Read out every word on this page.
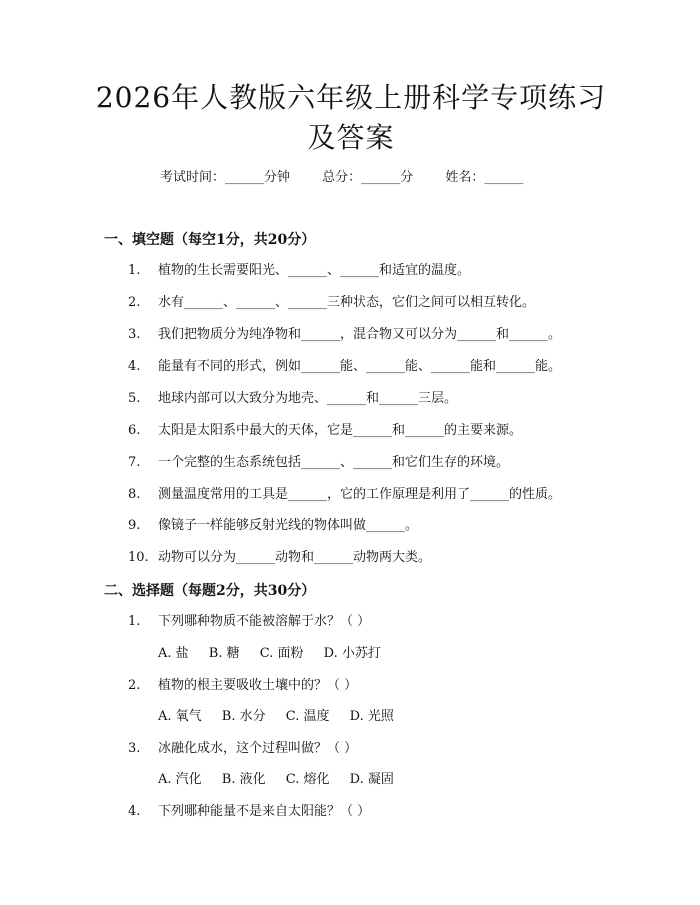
2026年人教版六年级上册科学专项练习及答案
考试时间：______分钟 总分：______分 姓名：______
一、填空题（每空1分，共20分）
1. 植物的生长需要阳光、______、______和适宜的温度。
2. 水有______、______、______三种状态，它们之间可以相互转化。
3. 我们把物质分为纯净物和______，混合物又可以分为______和______。
4. 能量有不同的形式，例如______能、______能、______能和______能。
5. 地球内部可以大致分为地壳、______和______三层。
6. 太阳是太阳系中最大的天体，它是______和______的主要来源。
7. 一个完整的生态系统包括______、______和它们生存的环境。
8. 测量温度常用的工具是______，它的工作原理是利用了______的性质。
9. 像镜子一样能够反射光线的物体叫做______。
10. 动物可以分为______动物和______动物两大类。
二、选择题（每题2分，共30分）
1. 下列哪种物质不能被溶解于水？（ ）
A. 盐 B. 糖 C. 面粉 D. 小苏打
2. 植物的根主要吸收土壤中的？（ ）
A. 氧气 B. 水分 C. 温度 D. 光照
3. 冰融化成水，这个过程叫做？（ ）
A. 汽化 B. 液化 C. 熔化 D. 凝固
4. 下列哪种能量不是来自太阳能？（ ）
